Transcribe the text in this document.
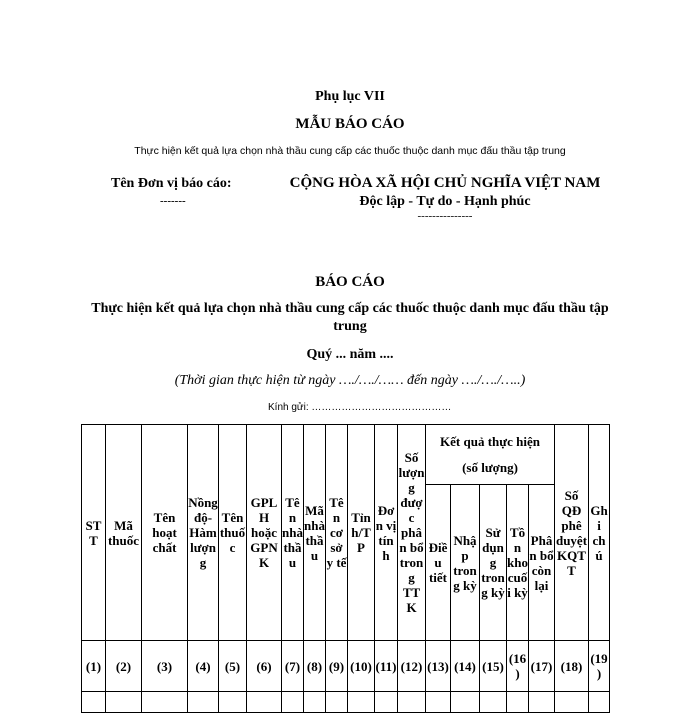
Phụ lục VII
MẪU BÁO CÁO
Thực hiện kết quả lựa chọn nhà thầu cung cấp các thuốc thuộc danh mục đấu thầu tập trung
Tên Đơn vị báo cáo:
-------
CỘNG HÒA XÃ HỘI CHỦ NGHĨA VIỆT NAM
Độc lập - Tự do - Hạnh phúc
---------------
BÁO CÁO
Thực hiện kết quả lựa chọn nhà thầu cung cấp các thuốc thuộc danh mục đấu thầu tập trung
Quý ... năm ....
(Thời gian thực hiện từ ngày …./…./…… đến ngày …./…./…..)
Kính gửi: ……………………………………
STT	Mã thuốc	Tên hoạt chất	Nồng độ-Hàm lượng	Tên thuốc	GPLH hoặc GPNK	Tên nhà thầu	Mã nhà thầu	Tên cơ sở y tế	Tỉnh/TP	Đơn vị tính	Số lượng được phân bổ trong TTK	Kết quả thực hiện (số lượng)					Số QĐ phê duyệt KQT T	Ghi chú
												Điều tiết	Nhập trong kỳ	Sử dụng trong kỳ	Tồn kho cuối kỳ	Phân bổ còn lại		
(1)	(2)	(3)	(4)	(5)	(6)	(7)	(8)	(9)	(10)	(11)	(12)	(13)	(14)	(15)	(16)	(17)	(18)	(19)
